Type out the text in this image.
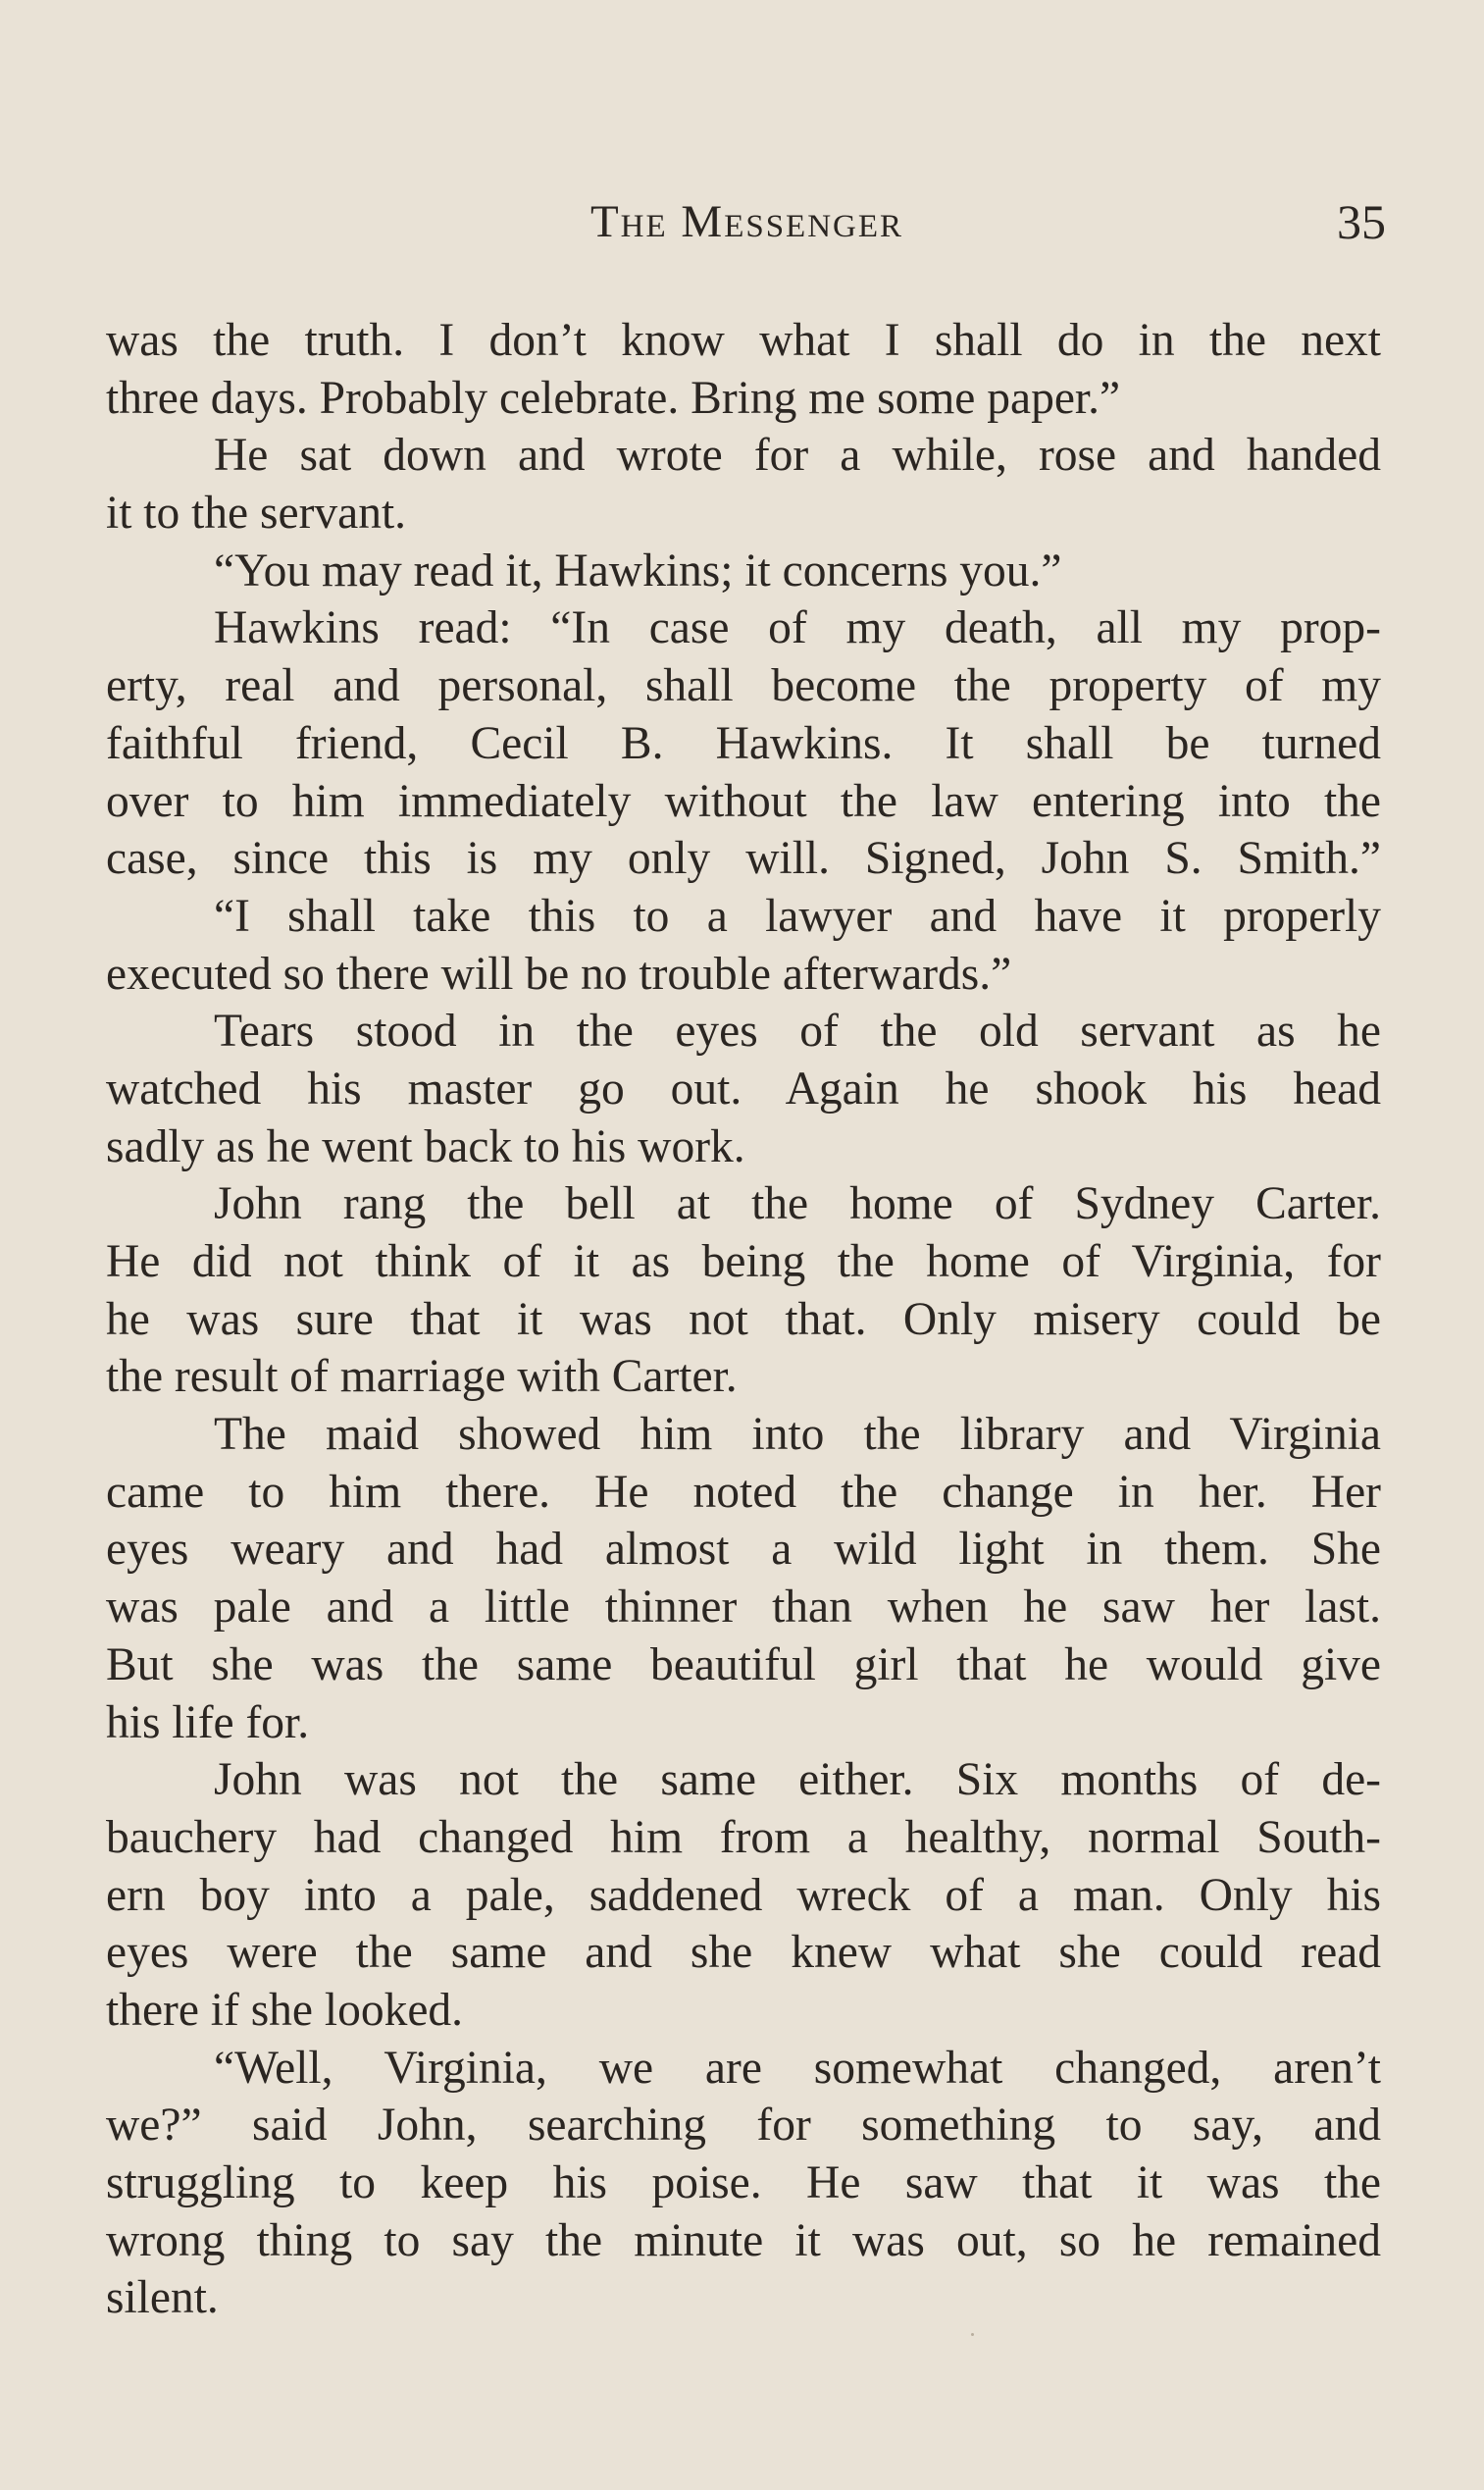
The Messenger	35
was the truth. I don’t know what I shall do in the next
three days. Probably celebrate. Bring me some paper.”
He sat down and wrote for a while, rose and handed
it to the servant.
“You may read it, Hawkins; it concerns you.”
Hawkins read: “In case of my death, all my prop-
erty, real and personal, shall become the property of my
faithful friend, Cecil B. Hawkins. It shall be turned
over to him immediately without the law entering into the
case, since this is my only will. Signed, John S. Smith.”
“I shall take this to a lawyer and have it properly
executed so there will be no trouble afterwards.”
Tears stood in the eyes of the old servant as he
watched his master go out. Again he shook his head
sadly as he went back to his work.
John rang the bell at the home of Sydney Carter.
He did not think of it as being the home of Virginia, for
he was sure that it was not that. Only misery could be
the result of marriage with Carter.
The maid showed him into the library and Virginia
came to him there. He noted the change in her. Her
eyes weary and had almost a wild light in them. She
was pale and a little thinner than when he saw her last.
But she was the same beautiful girl that he would give
his life for.
John was not the same either. Six months of de-
bauchery had changed him from a healthy, normal South-
ern boy into a pale, saddened wreck of a man. Only his
eyes were the same and she knew what she could read
there if she looked.
“Well, Virginia, we are somewhat changed, aren’t
we?” said John, searching for something to say, and
struggling to keep his poise. He saw that it was the
wrong thing to say the minute it was out, so he remained
silent.
